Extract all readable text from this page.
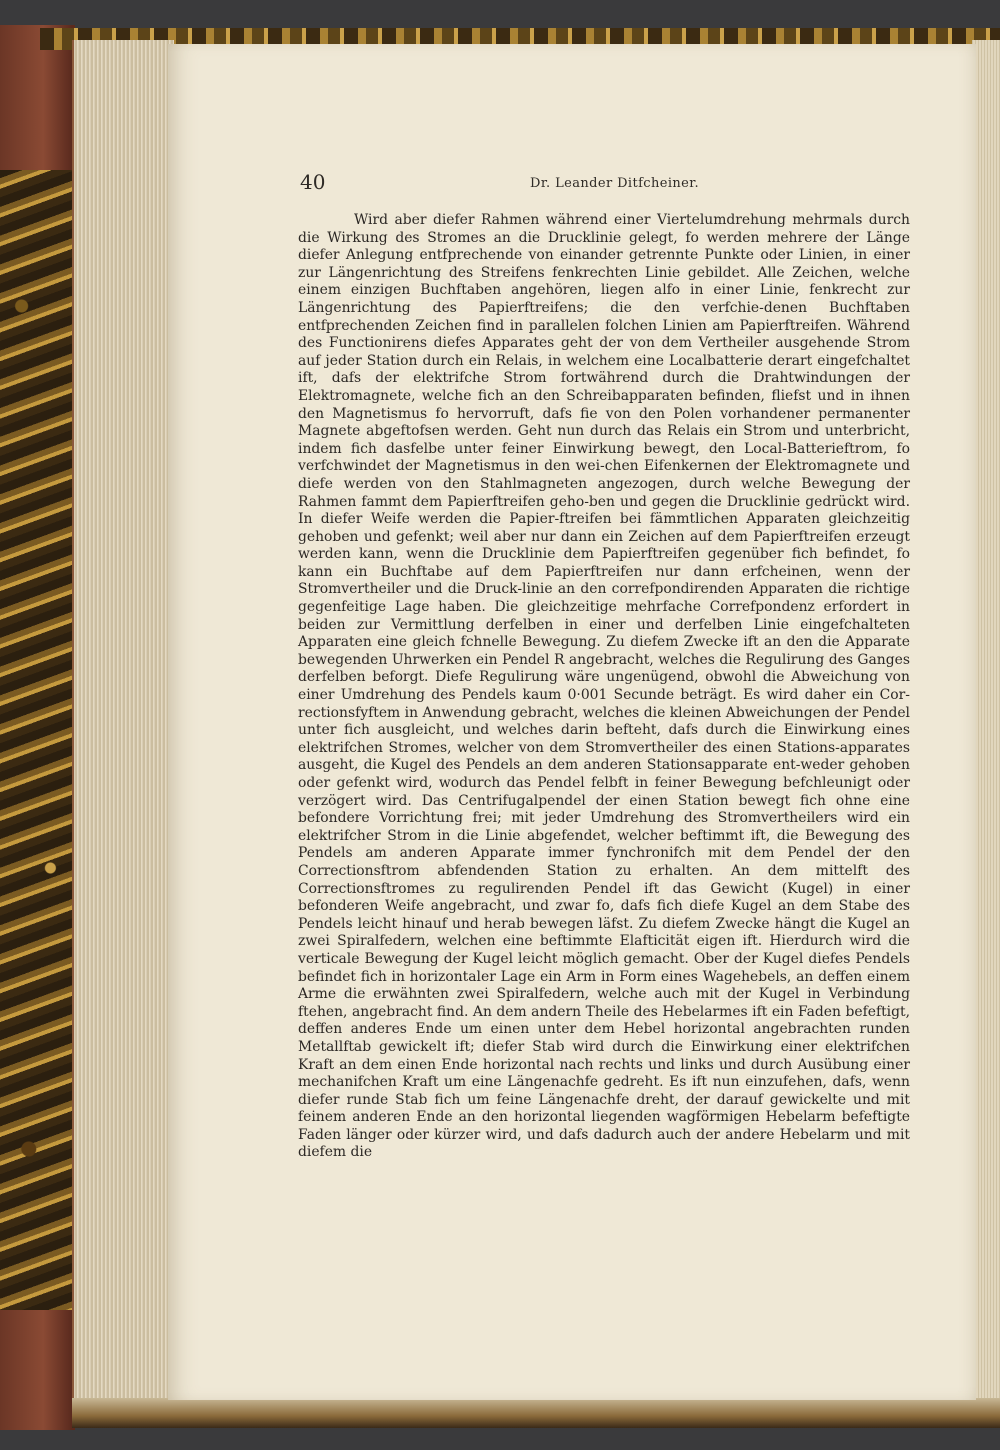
40	Dr. Leander Ditfcheiner.

Wird aber diefer Rahmen während einer Viertelumdrehung mehrmals durch die Wirkung des Stromes an die Drucklinie gelegt, fo werden mehrere der Länge diefer Anlegung entfprechende von einander getrennte Punkte oder Linien, in einer zur Längenrichtung des Streifens fenkrechten Linie gebildet. Alle Zeichen, welche einem einzigen Buchftaben angehören, liegen alfo in einer Linie, fenkrecht zur Längenrichtung des Papierftreifens; die den verfchie-denen Buchftaben entfprechenden Zeichen find in parallelen folchen Linien am Papierftreifen. Während des Functionirens diefes Apparates geht der von dem Vertheiler ausgehende Strom auf jeder Station durch ein Relais, in welchem eine Localbatterie derart eingefchaltet ift, dafs der elektrifche Strom fortwährend durch die Drahtwindungen der Elektromagnete, welche fich an den Schreibapparaten befinden, fliefst und in ihnen den Magnetismus fo hervorruft, dafs fie von den Polen vorhandener permanenter Magnete abgeftofsen werden. Geht nun durch das Relais ein Strom und unterbricht, indem fich dasfelbe unter feiner Einwirkung bewegt, den Local-Batterieftrom, fo verfchwindet der Magnetismus in den wei-chen Eifenkernen der Elektromagnete und diefe werden von den Stahlmagneten angezogen, durch welche Bewegung der Rahmen fammt dem Papierftreifen geho-ben und gegen die Drucklinie gedrückt wird. In diefer Weife werden die Papier-ftreifen bei fämmtlichen Apparaten gleichzeitig gehoben und gefenkt; weil aber nur dann ein Zeichen auf dem Papierftreifen erzeugt werden kann, wenn die Drucklinie dem Papierftreifen gegenüber fich befindet, fo kann ein Buchftabe auf dem Papierftreifen nur dann erfcheinen, wenn der Stromvertheiler und die Druck-linie an den correfpondirenden Apparaten die richtige gegenfeitige Lage haben. Die gleichzeitige mehrfache Correfpondenz erfordert in beiden zur Vermittlung derfelben in einer und derfelben Linie eingefchalteten Apparaten eine gleich fchnelle Bewegung. Zu diefem Zwecke ift an den die Apparate bewegenden Uhrwerken ein Pendel R angebracht, welches die Regulirung des Ganges derfelben beforgt. Diefe Regulirung wäre ungenügend, obwohl die Abweichung von einer Umdrehung des Pendels kaum 0·001 Secunde beträgt. Es wird daher ein Cor-rectionsfyftem in Anwendung gebracht, welches die kleinen Abweichungen der Pendel unter fich ausgleicht, und welches darin befteht, dafs durch die Einwirkung eines elektrifchen Stromes, welcher von dem Stromvertheiler des einen Stations-apparates ausgeht, die Kugel des Pendels an dem anderen Stationsapparate ent-weder gehoben oder gefenkt wird, wodurch das Pendel felbft in feiner Bewegung befchleunigt oder verzögert wird. Das Centrifugalpendel der einen Station bewegt fich ohne eine befondere Vorrichtung frei; mit jeder Umdrehung des Stromvertheilers wird ein elektrifcher Strom in die Linie abgefendet, welcher beftimmt ift, die Bewegung des Pendels am anderen Apparate immer fynchronifch mit dem Pendel der den Correctionsftrom abfendenden Station zu erhalten. An dem mittelft des Correctionsftromes zu regulirenden Pendel ift das Gewicht (Kugel) in einer befonderen Weife angebracht, und zwar fo, dafs fich diefe Kugel an dem Stabe des Pendels leicht hinauf und herab bewegen läfst. Zu diefem Zwecke hängt die Kugel an zwei Spiralfedern, welchen eine beftimmte Elafticität eigen ift. Hierdurch wird die verticale Bewegung der Kugel leicht möglich gemacht. Ober der Kugel diefes Pendels befindet fich in horizontaler Lage ein Arm in Form eines Wagehebels, an deffen einem Arme die erwähnten zwei Spiralfedern, welche auch mit der Kugel in Verbindung ftehen, angebracht find. An dem andern Theile des Hebelarmes ift ein Faden befeftigt, deffen anderes Ende um einen unter dem Hebel horizontal angebrachten runden Metallftab gewickelt ift; diefer Stab wird durch die Einwirkung einer elektrifchen Kraft an dem einen Ende horizontal nach rechts und links und durch Ausübung einer mechanifchen Kraft um eine Längenachfe gedreht. Es ift nun einzufehen, dafs, wenn diefer runde Stab fich um feine Längenachfe dreht, der darauf gewickelte und mit feinem anderen Ende an den horizontal liegenden wagförmigen Hebelarm befeftigte Faden länger oder kürzer wird, und dafs dadurch auch der andere Hebelarm und mit diefem die
